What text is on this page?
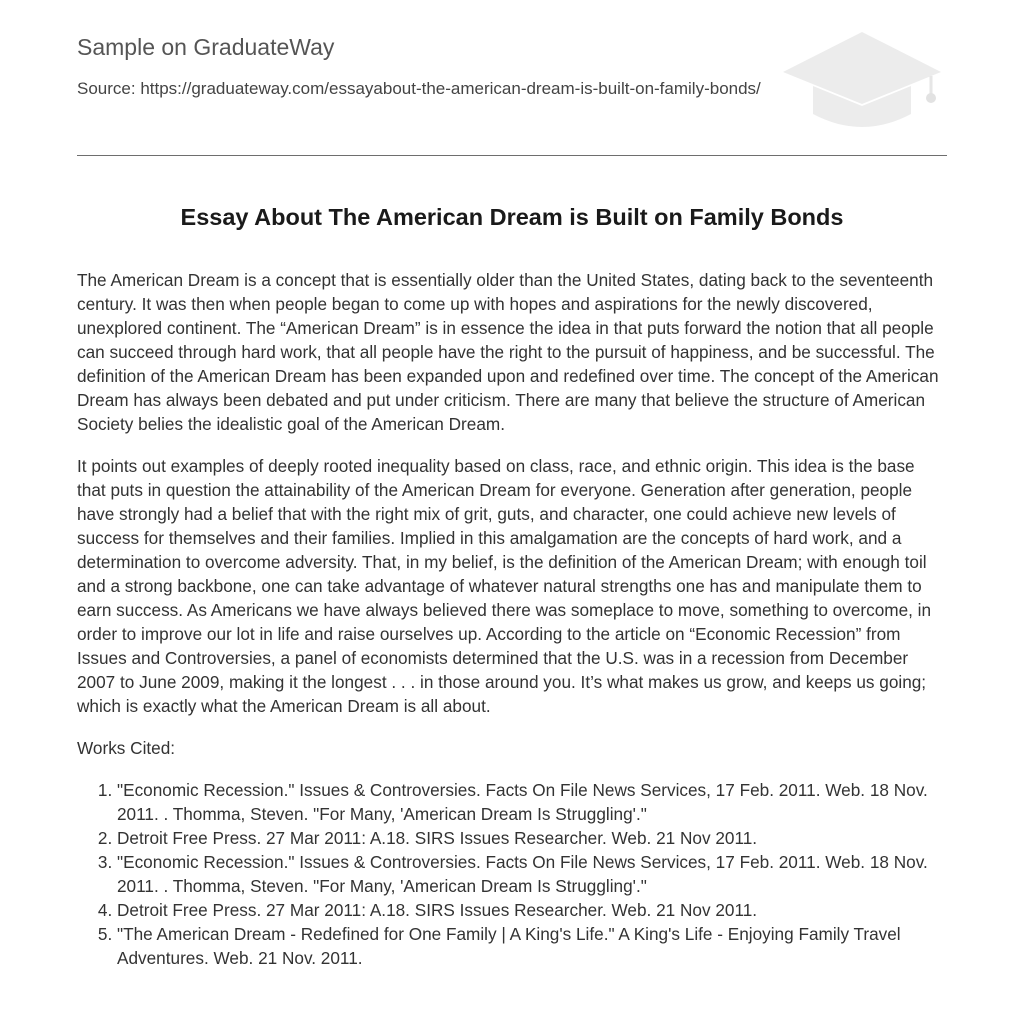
Sample on GraduateWay
Source: https://graduateway.com/essayabout-the-american-dream-is-built-on-family-bonds/
Essay About The American Dream is Built on Family Bonds

The American Dream is a concept that is essentially older than the United States, dating back to the seventeenth century. It was then when people began to come up with hopes and aspirations for the newly discovered, unexplored continent. The “American Dream” is in essence the idea in that puts forward the notion that all people can succeed through hard work, that all people have the right to the pursuit of happiness, and be successful. The definition of the American Dream has been expanded upon and redefined over time. The concept of the American Dream has always been debated and put under criticism. There are many that believe the structure of American Society belies the idealistic goal of the American Dream.

It points out examples of deeply rooted inequality based on class, race, and ethnic origin. This idea is the base that puts in question the attainability of the American Dream for everyone. Generation after generation, people have strongly had a belief that with the right mix of grit, guts, and character, one could achieve new levels of success for themselves and their families. Implied in this amalgamation are the concepts of hard work, and a determination to overcome adversity. That, in my belief, is the definition of the American Dream; with enough toil and a strong backbone, one can take advantage of whatever natural strengths one has and manipulate them to earn success. As Americans we have always believed there was someplace to move, something to overcome, in order to improve our lot in life and raise ourselves up. According to the article on “Economic Recession” from Issues and Controversies, a panel of economists determined that the U.S. was in a recession from December 2007 to June 2009, making it the longest . . . in those around you. It’s what makes us grow, and keeps us going; which is exactly what the American Dream is all about.

Works Cited:

1. "Economic Recession." Issues & Controversies. Facts On File News Services, 17 Feb. 2011. Web. 18 Nov. 2011. . Thomma, Steven. "For Many, 'American Dream Is Struggling'."
2. Detroit Free Press. 27 Mar 2011: A.18. SIRS Issues Researcher. Web. 21 Nov 2011.
3. "Economic Recession." Issues & Controversies. Facts On File News Services, 17 Feb. 2011. Web. 18 Nov. 2011. . Thomma, Steven. "For Many, 'American Dream Is Struggling'."
4. Detroit Free Press. 27 Mar 2011: A.18. SIRS Issues Researcher. Web. 21 Nov 2011.
5. "The American Dream - Redefined for One Family | A King's Life." A King's Life - Enjoying Family Travel Adventures. Web. 21 Nov. 2011.
